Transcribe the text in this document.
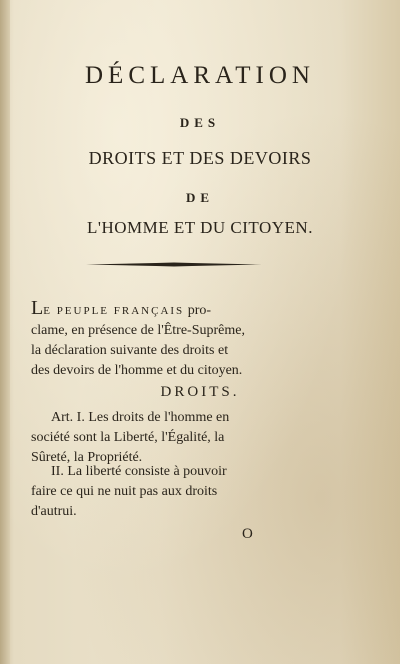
DÉCLARATION
DES
DROITS ET DES DEVOIRS
DE
L'HOMME ET DU CITOYEN.
LE PEUPLE FRANÇAIS pro-
clame, en présence de l'Être-Suprême,
la déclaration suivante des droits et
des devoirs de l'homme et du citoyen.
DROITS.
Art. I. Les droits de l'homme en
société sont la Liberté, l'Égalité, la
Sûreté, la Propriété.
II. La liberté consiste à pouvoir
faire ce qui ne nuit pas aux droits
d'autrui.
O
